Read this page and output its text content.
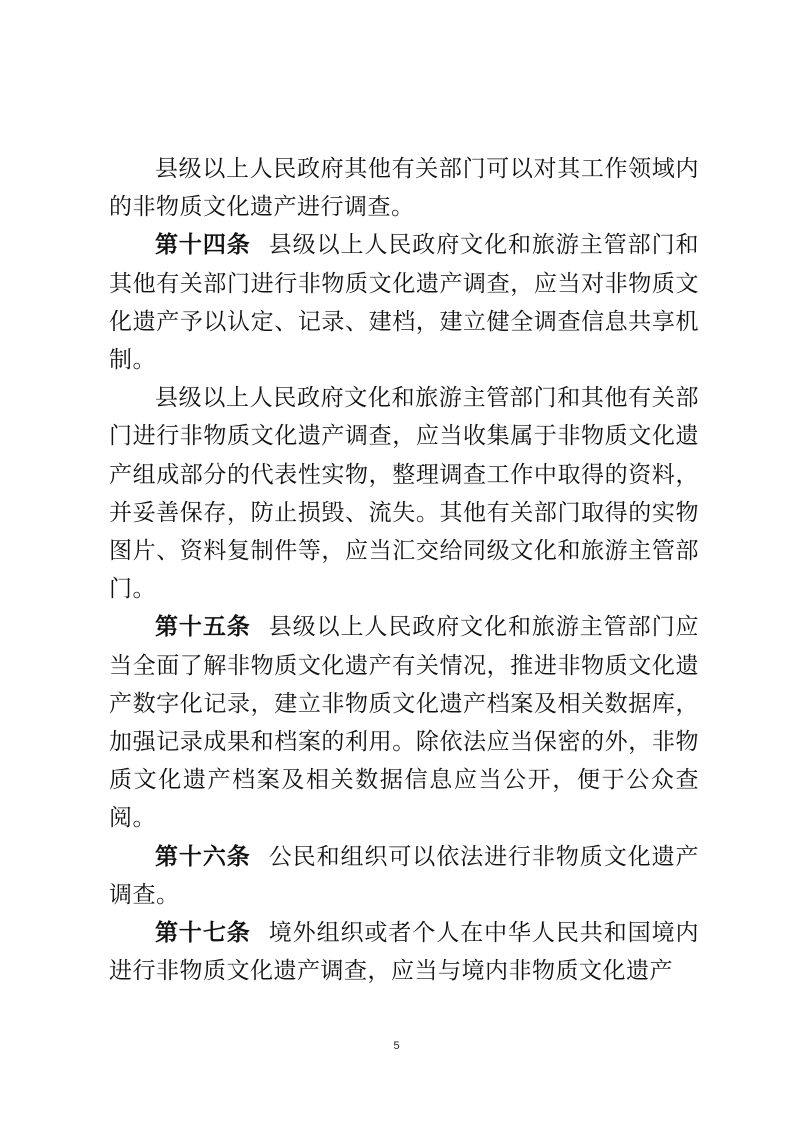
县级以上人民政府其他有关部门可以对其工作领域内的非物质文化遗产进行调查。

第十四条 县级以上人民政府文化和旅游主管部门和其他有关部门进行非物质文化遗产调查，应当对非物质文化遗产予以认定、记录、建档，建立健全调查信息共享机制。

县级以上人民政府文化和旅游主管部门和其他有关部门进行非物质文化遗产调查，应当收集属于非物质文化遗产组成部分的代表性实物，整理调查工作中取得的资料，并妥善保存，防止损毁、流失。其他有关部门取得的实物图片、资料复制件等，应当汇交给同级文化和旅游主管部门。

第十五条 县级以上人民政府文化和旅游主管部门应当全面了解非物质文化遗产有关情况，推进非物质文化遗产数字化记录，建立非物质文化遗产档案及相关数据库，加强记录成果和档案的利用。除依法应当保密的外，非物质文化遗产档案及相关数据信息应当公开，便于公众查阅。

第十六条 公民和组织可以依法进行非物质文化遗产调查。

第十七条 境外组织或者个人在中华人民共和国境内进行非物质文化遗产调查，应当与境内非物质文化遗产

5
